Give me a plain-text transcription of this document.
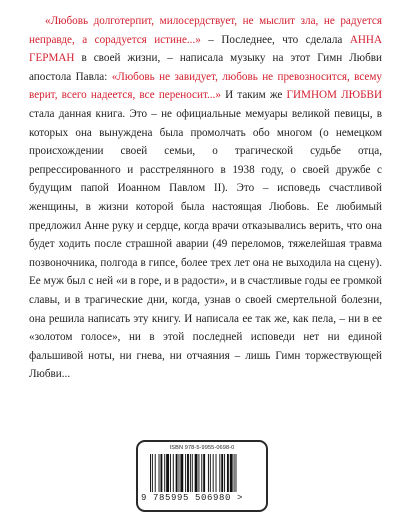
«Любовь долготерпит, милосердствует, не мыслит зла, не радуется неправде, а сорадуется истине...» – Последнее, что сделала АННА ГЕРМАН в своей жизни, – написала музыку на этот Гимн Любви апостола Павла: «Любовь не завидует, любовь не превозносится, всему верит, всего надеется, все переносит...» И таким же ГИМНОМ ЛЮБВИ стала данная книга. Это – не официальные мемуары великой певицы, в которых она вынуждена была промолчать обо многом (о немецком происхождении своей семьи, о трагической судьбе отца, репрессированного и расстрелянного в 1938 году, о своей дружбе с будущим папой Иоанном Павлом II). Это – исповедь счастливой женщины, в жизни которой была настоящая Любовь. Ее любимый предложил Анне руку и сердце, когда врачи отказывались верить, что она будет ходить после страшной аварии (49 переломов, тяжелейшая травма позвоночника, полгода в гипсе, более трех лет она не выходила на сцену). Ее муж был с ней «и в горе, и в радости», и в счастливые годы ее громкой славы, и в трагические дни, когда, узнав о своей смертельной болезни, она решила написать эту книгу. И написала ее так же, как пела, – ни в ее «золотом голосе», ни в этой последней исповеди нет ни единой фальшивой ноты, ни гнева, ни отчаяния – лишь Гимн торжествующей Любви...

ISBN 978-5-9955-0698-0
9 785995 506980 >
